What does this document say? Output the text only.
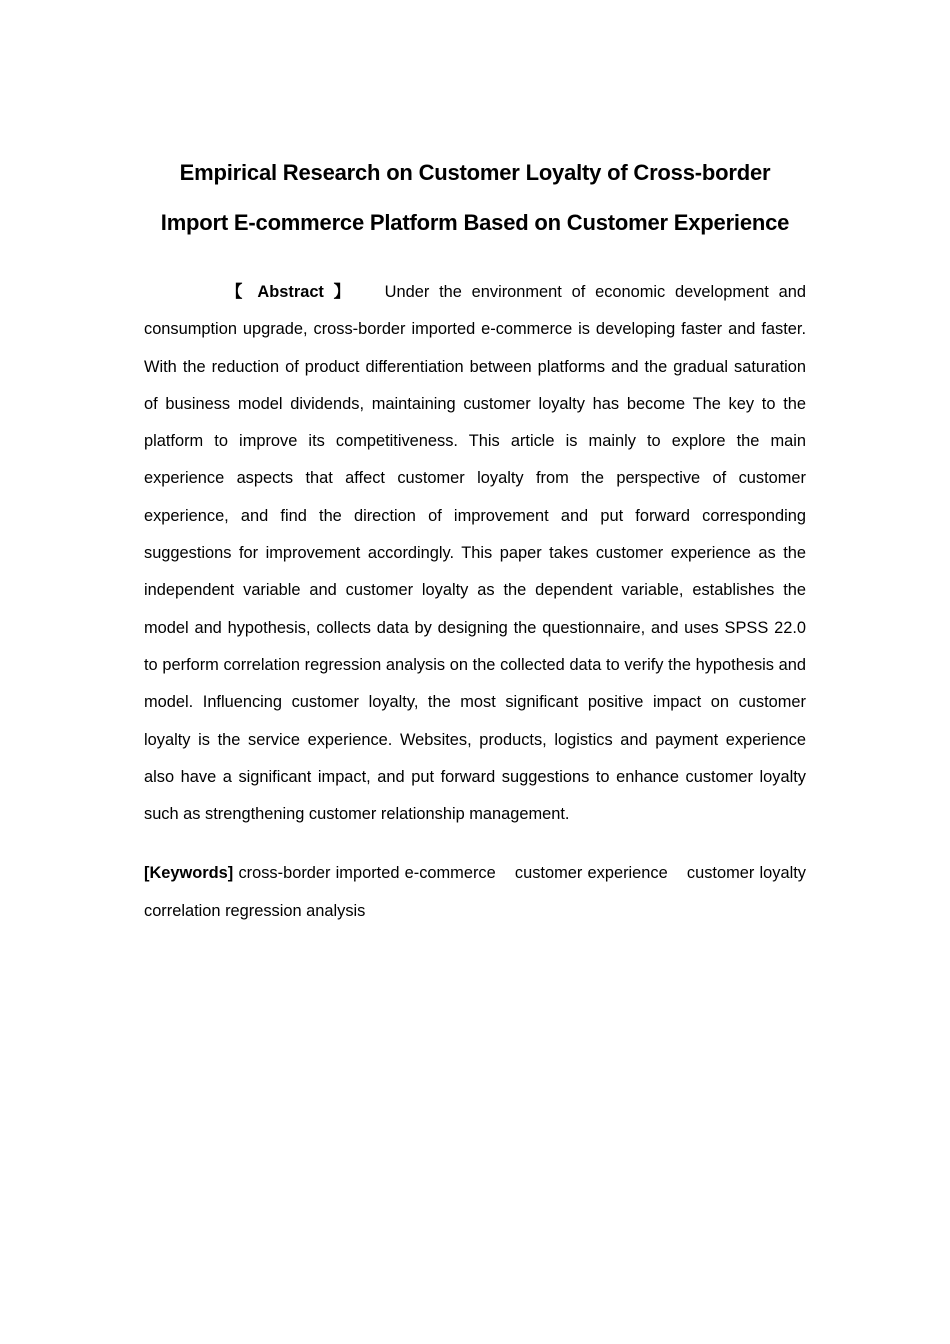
Empirical Research on Customer Loyalty of Cross-border
Import E-commerce Platform Based on Customer Experience

【 Abstract 】 Under the environment of economic development and consumption upgrade, cross-border imported e-commerce is developing faster and faster. With the reduction of product differentiation between platforms and the gradual saturation of business model dividends, maintaining customer loyalty has become The key to the platform to improve its competitiveness. This article is mainly to explore the main experience aspects that affect customer loyalty from the perspective of customer experience, and find the direction of improvement and put forward corresponding suggestions for improvement accordingly. This paper takes customer experience as the independent variable and customer loyalty as the dependent variable, establishes the model and hypothesis, collects data by designing the questionnaire, and uses SPSS 22.0 to perform correlation regression analysis on the collected data to verify the hypothesis and model. Influencing customer loyalty, the most significant positive impact on customer loyalty is the service experience. Websites, products, logistics and payment experience also have a significant impact, and put forward suggestions to enhance customer loyalty such as strengthening customer relationship management.

[Keywords] cross-border imported e-commerce customer experience customer loyalty correlation regression analysis
